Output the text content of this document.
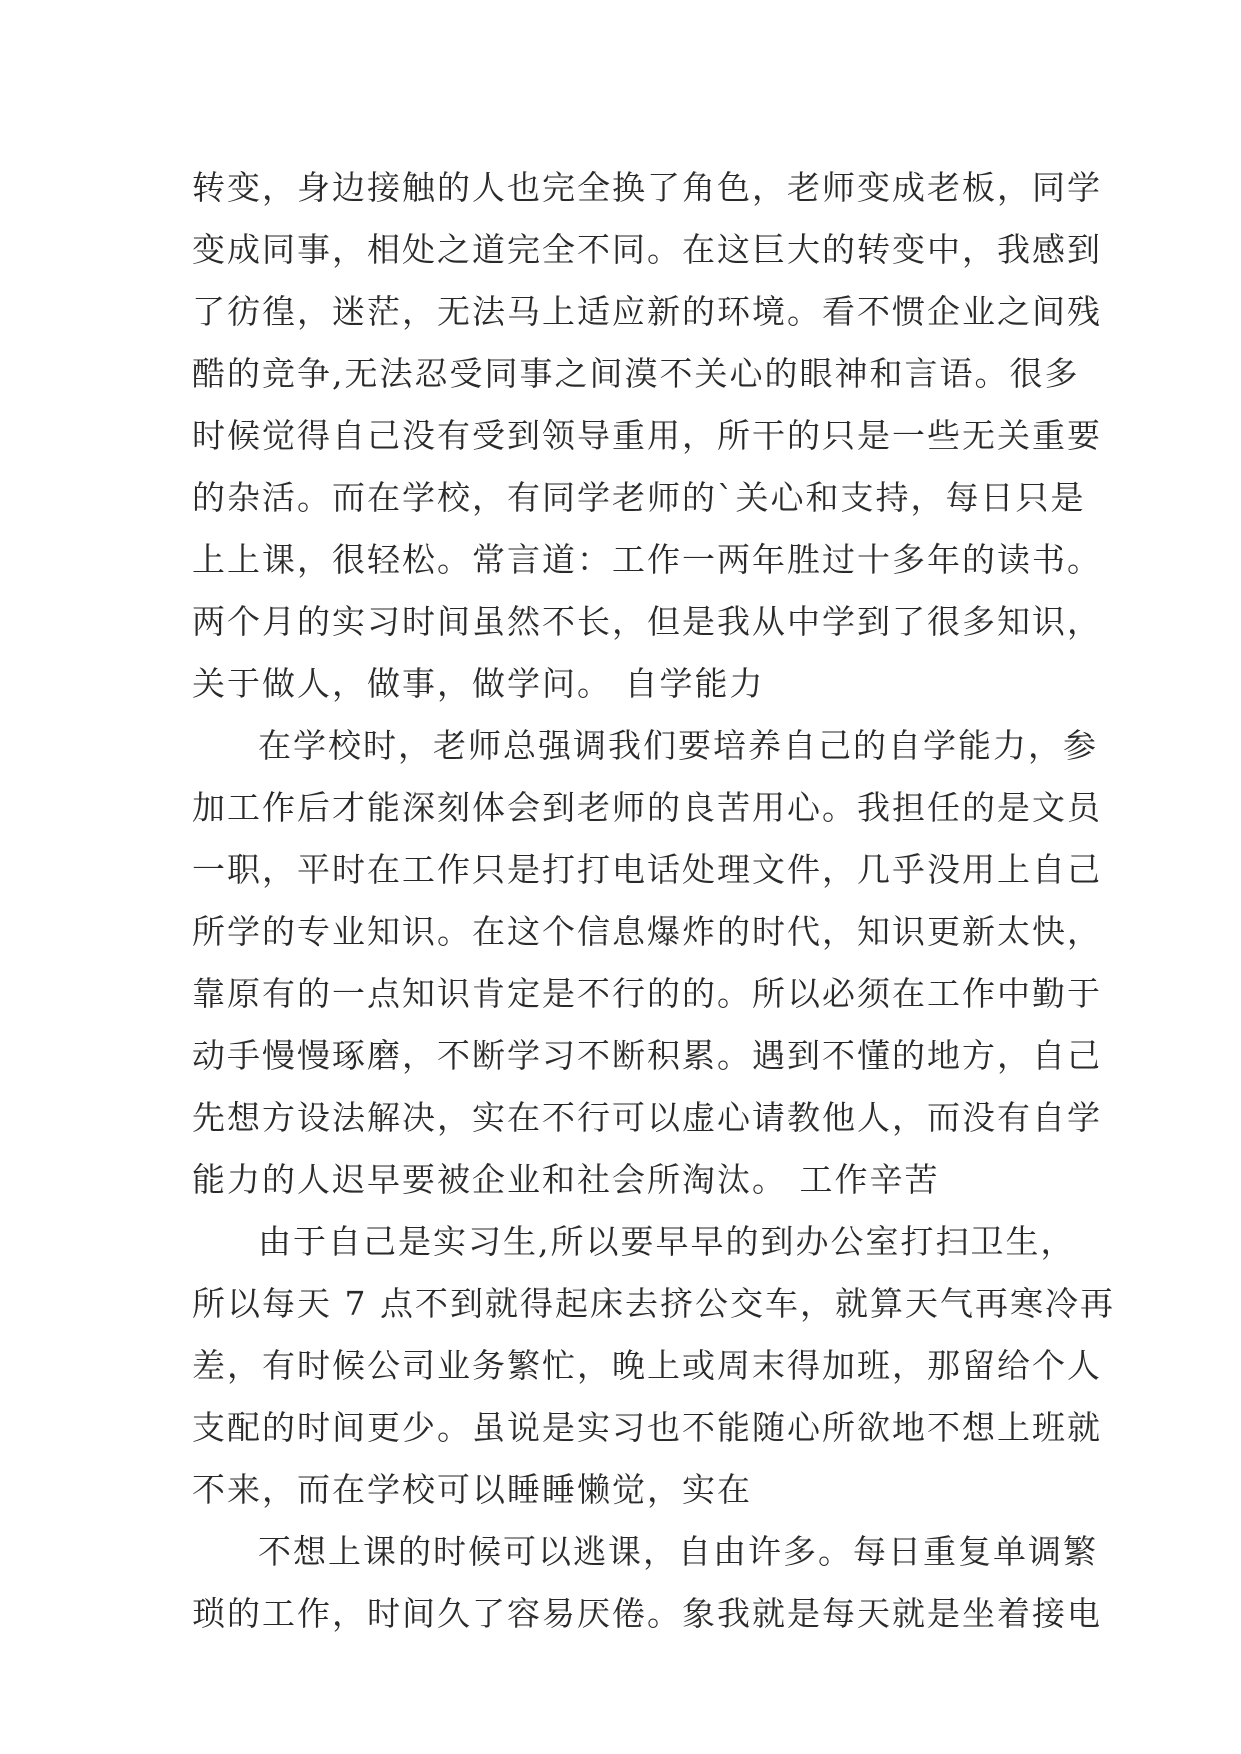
转变，身边接触的人也完全换了角色，老师变成老板，同学
变成同事，相处之道完全不同。在这巨大的转变中，我感到
了彷徨，迷茫，无法马上适应新的环境。看不惯企业之间残
酷的竞争,无法忍受同事之间漠不关心的眼神和言语。很多
时候觉得自己没有受到领导重用，所干的只是一些无关重要
的杂活。而在学校，有同学老师的`关心和支持，每日只是
上上课，很轻松。常言道：工作一两年胜过十多年的读书。
两个月的实习时间虽然不长，但是我从中学到了很多知识，
关于做人，做事，做学问。 自学能力
在学校时，老师总强调我们要培养自己的自学能力，参
加工作后才能深刻体会到老师的良苦用心。我担任的是文员
一职，平时在工作只是打打电话处理文件，几乎没用上自己
所学的专业知识。在这个信息爆炸的时代，知识更新太快，
靠原有的一点知识肯定是不行的的。所以必须在工作中勤于
动手慢慢琢磨，不断学习不断积累。遇到不懂的地方，自己
先想方设法解决，实在不行可以虚心请教他人，而没有自学
能力的人迟早要被企业和社会所淘汰。 工作辛苦
由于自己是实习生,所以要早早的到办公室打扫卫生，
所以每天 7 点不到就得起床去挤公交车，就算天气再寒冷再
差，有时候公司业务繁忙，晚上或周末得加班，那留给个人
支配的时间更少。虽说是实习也不能随心所欲地不想上班就
不来，而在学校可以睡睡懒觉，实在
不想上课的时候可以逃课，自由许多。每日重复单调繁
琐的工作，时间久了容易厌倦。象我就是每天就是坐着接电
